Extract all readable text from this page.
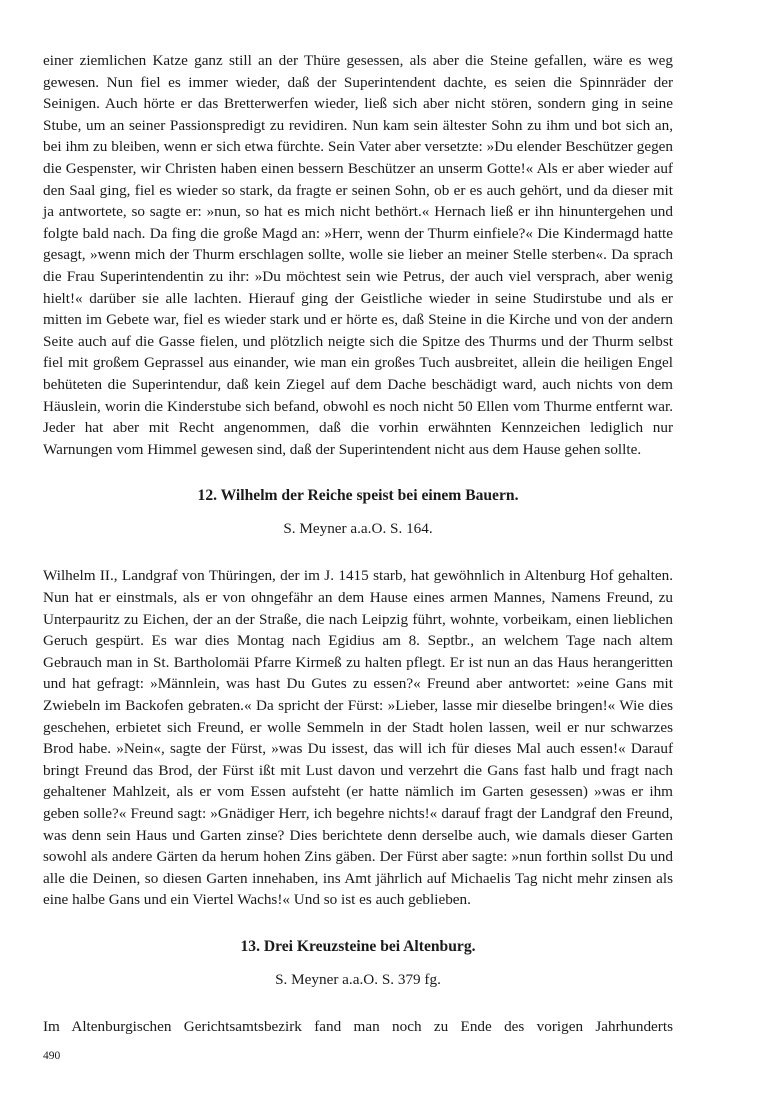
einer ziemlichen Katze ganz still an der Thüre gesessen, als aber die Steine gefallen, wäre es weg gewesen. Nun fiel es immer wieder, daß der Superintendent dachte, es seien die Spinnräder der Seinigen. Auch hörte er das Bretterwerfen wieder, ließ sich aber nicht stören, sondern ging in seine Stube, um an seiner Passionspredigt zu revidiren. Nun kam sein ältester Sohn zu ihm und bot sich an, bei ihm zu bleiben, wenn er sich etwa fürchte. Sein Vater aber versetzte: »Du elender Beschützer gegen die Gespenster, wir Christen haben einen bessern Beschützer an unserm Gotte!« Als er aber wieder auf den Saal ging, fiel es wieder so stark, da fragte er seinen Sohn, ob er es auch gehört, und da dieser mit ja antwortete, so sagte er: »nun, so hat es mich nicht bethört.« Hernach ließ er ihn hinuntergehen und folgte bald nach. Da fing die große Magd an: »Herr, wenn der Thurm einfiele?« Die Kindermagd hatte gesagt, »wenn mich der Thurm erschlagen sollte, wolle sie lieber an meiner Stelle sterben«. Da sprach die Frau Superintendentin zu ihr: »Du möchtest sein wie Petrus, der auch viel versprach, aber wenig hielt!« darüber sie alle lachten. Hierauf ging der Geistliche wieder in seine Studirstube und als er mitten im Gebete war, fiel es wieder stark und er hörte es, daß Steine in die Kirche und von der andern Seite auch auf die Gasse fielen, und plötzlich neigte sich die Spitze des Thurms und der Thurm selbst fiel mit großem Geprassel aus einander, wie man ein großes Tuch ausbreitet, allein die heiligen Engel behüteten die Superintendur, daß kein Ziegel auf dem Dache beschädigt ward, auch nichts von dem Häuslein, worin die Kinderstube sich befand, obwohl es noch nicht 50 Ellen vom Thurme entfernt war. Jeder hat aber mit Recht angenommen, daß die vorhin erwähnten Kennzeichen lediglich nur Warnungen vom Himmel gewesen sind, daß der Superintendent nicht aus dem Hause gehen sollte.

12. Wilhelm der Reiche speist bei einem Bauern.

S. Meyner a.a.O. S. 164.

Wilhelm II., Landgraf von Thüringen, der im J. 1415 starb, hat gewöhnlich in Altenburg Hof gehalten. Nun hat er einstmals, als er von ohngefähr an dem Hause eines armen Mannes, Namens Freund, zu Unterpauritz zu Eichen, der an der Straße, die nach Leipzig führt, wohnte, vorbeikam, einen lieblichen Geruch gespürt. Es war dies Montag nach Egidius am 8. Septbr., an welchem Tage nach altem Gebrauch man in St. Bartholomäi Pfarre Kirmeß zu halten pflegt. Er ist nun an das Haus herangeritten und hat gefragt: »Männlein, was hast Du Gutes zu essen?« Freund aber antwortet: »eine Gans mit Zwiebeln im Backofen gebraten.« Da spricht der Fürst: »Lieber, lasse mir dieselbe bringen!« Wie dies geschehen, erbietet sich Freund, er wolle Semmeln in der Stadt holen lassen, weil er nur schwarzes Brod habe. »Nein«, sagte der Fürst, »was Du issest, das will ich für dieses Mal auch essen!« Darauf bringt Freund das Brod, der Fürst ißt mit Lust davon und verzehrt die Gans fast halb und fragt nach gehaltener Mahlzeit, als er vom Essen aufsteht (er hatte nämlich im Garten gesessen) »was er ihm geben solle?« Freund sagt: »Gnädiger Herr, ich begehre nichts!« darauf fragt der Landgraf den Freund, was denn sein Haus und Garten zinse? Dies berichtete denn derselbe auch, wie damals dieser Garten sowohl als andere Gärten da herum hohen Zins gäben. Der Fürst aber sagte: »nun forthin sollst Du und alle die Deinen, so diesen Garten innehaben, ins Amt jährlich auf Michaelis Tag nicht mehr zinsen als eine halbe Gans und ein Viertel Wachs!« Und so ist es auch geblieben.

13. Drei Kreuzsteine bei Altenburg.

S. Meyner a.a.O. S. 379 fg.

Im Altenburgischen Gerichtsamtsbezirk fand man noch zu Ende des vorigen Jahrhunderts

490
